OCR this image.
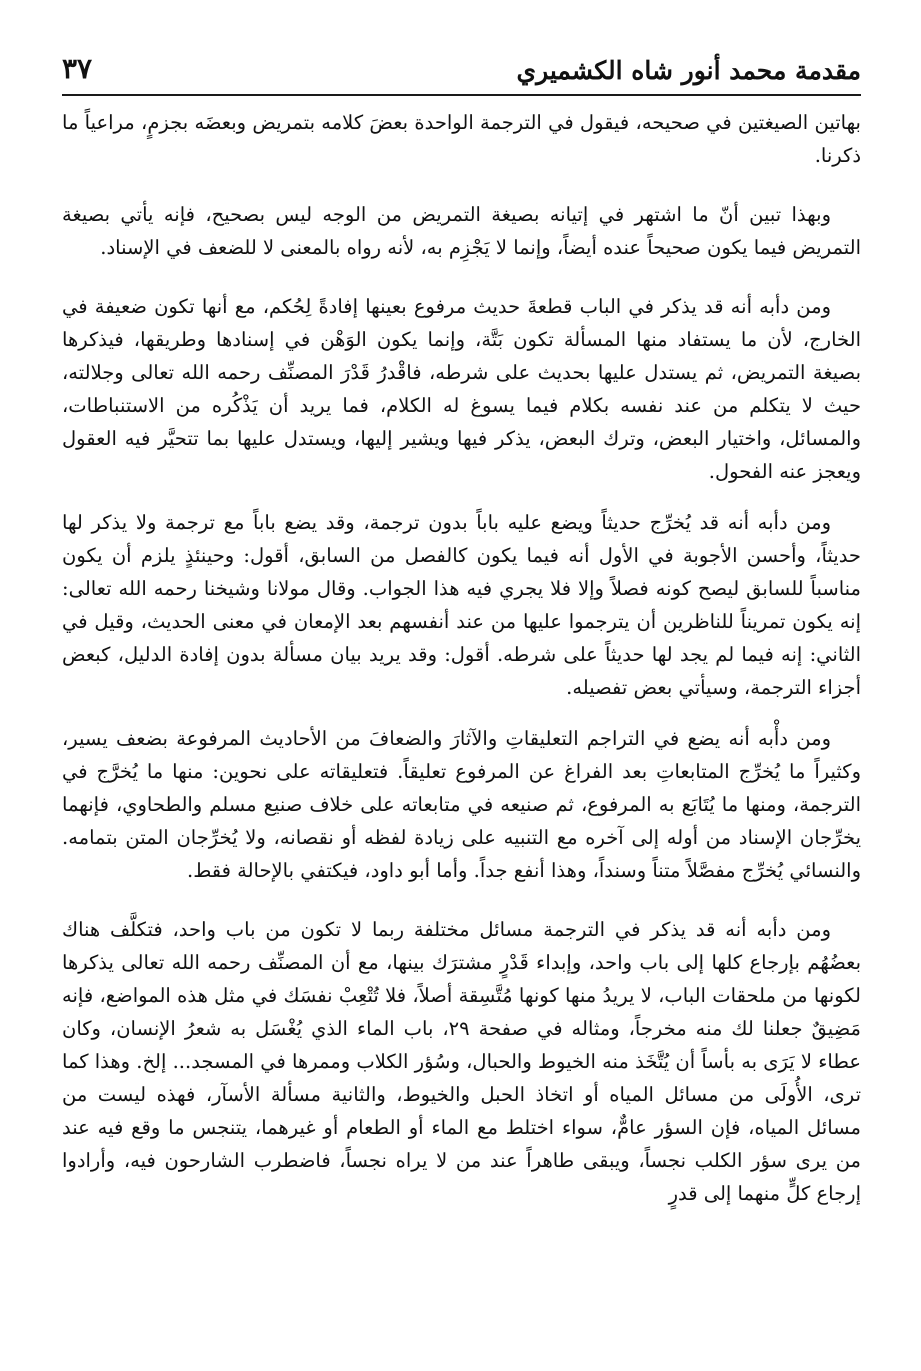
مقدمة محمد أنور شاه الكشميري
٣٧

بهاتين الصيغتين في صحيحه، فيقول في الترجمة الواحدة بعضَ كلامه بتمريض وبعضَه بجزمٍ، مراعياً ما ذكرنا.

وبهذا تبين أنّ ما اشتهر في إتيانه بصيغة التمريض من الوجه ليس بصحيح، فإنه يأتي بصيغة التمريض فيما يكون صحيحاً عنده أيضاً، وإنما لا يَجْزِم به، لأنه رواه بالمعنى لا للضعف في الإسناد.

ومن دأبه أنه قد يذكر في الباب قطعةَ حديث مرفوع بعينها إفادةً لِحُكم، مع أنها تكون ضعيفة في الخارج، لأن ما يستفاد منها المسألة تكون بَتَّة، وإنما يكون الوَهْن في إسنادها وطريقها، فيذكرها بصيغة التمريض، ثم يستدل عليها بحديث على شرطه، فاقْدرُ قَدْرَ المصنِّف رحمه الله تعالى وجلالته، حيث لا يتكلم من عند نفسه بكلام فيما يسوغ له الكلام، فما يريد أن يَذْكُره من الاستنباطات، والمسائل، واختيار البعض، وترك البعض، يذكر فيها ويشير إليها، ويستدل عليها بما تتحيَّر فيه العقول ويعجز عنه الفحول.

ومن دأبه أنه قد يُخرِّج حديثاً ويضع عليه باباً بدون ترجمة، وقد يضع باباً مع ترجمة ولا يذكر لها حديثاً، وأحسن الأجوبة في الأول أنه فيما يكون كالفصل من السابق، أقول: وحينئذٍ يلزم أن يكون مناسباً للسابق ليصح كونه فصلاً وإلا فلا يجري فيه هذا الجواب. وقال مولانا وشيخنا رحمه الله تعالى: إنه يكون تمريناً للناظرين أن يترجموا عليها من عند أنفسهم بعد الإمعان في معنى الحديث، وقيل في الثاني: إنه فيما لم يجد لها حديثاً على شرطه. أقول: وقد يريد بيان مسألة بدون إفادة الدليل، كبعض أجزاء الترجمة، وسيأتي بعض تفصيله.

ومن دأْبه أنه يضع في التراجم التعليقاتِ والآثارَ والضعافَ من الأحاديث المرفوعة بضعف يسير، وكثيراً ما يُخرِّج المتابعاتِ بعد الفراغ عن المرفوع تعليقاً. فتعليقاته على نحوين: منها ما يُخرَّج في الترجمة، ومنها ما يُتَابَع به المرفوع، ثم صنيعه في متابعاته على خلاف صنيع مسلم والطحاوي، فإنهما يخرِّجان الإسناد من أوله إلى آخره مع التنبيه على زيادة لفظه أو نقصانه، ولا يُخرِّجان المتن بتمامه. والنسائي يُخرِّج مفصَّلاً متناً وسنداً، وهذا أنفع جداً. وأما أبو داود، فيكتفي بالإحالة فقط.

ومن دأبه أنه قد يذكر في الترجمة مسائل مختلفة ربما لا تكون من باب واحد، فتكلَّف هناك بعضُهُم بإرجاع كلها إلى باب واحد، وإبداء قَدْرٍ مشترَك بينها، مع أن المصنِّف رحمه الله تعالى يذكرها لكونها من ملحقات الباب، لا يريدُ منها كونها مُتَّسِقة أصلاً، فلا تُتْعِبْ نفسَك في مثل هذه المواضع، فإنه مَضِيقٌ جعلنا لك منه مخرجاً، ومثاله في صفحة ٢٩، باب الماء الذي يُغْسَل به شعرُ الإنسان، وكان عطاء لا يَرَى به بأساً أن يُتَّخَذ منه الخيوط والحبال، وسُؤر الكلاب وممرها في المسجد... إلخ. وهذا كما ترى، الأُولَى من مسائل المياه أو اتخاذ الحبل والخيوط، والثانية مسألة الأسآر، فهذه ليست من مسائل المياه، فإن السؤر عامٌّ، سواء اختلط مع الماء أو الطعام أو غيرهما، يتنجس ما وقع فيه عند من يرى سؤر الكلب نجساً، ويبقى طاهراً عند من لا يراه نجساً، فاضطرب الشارحون فيه، وأرادوا إرجاع كلٍّ منهما إلى قدرٍ
